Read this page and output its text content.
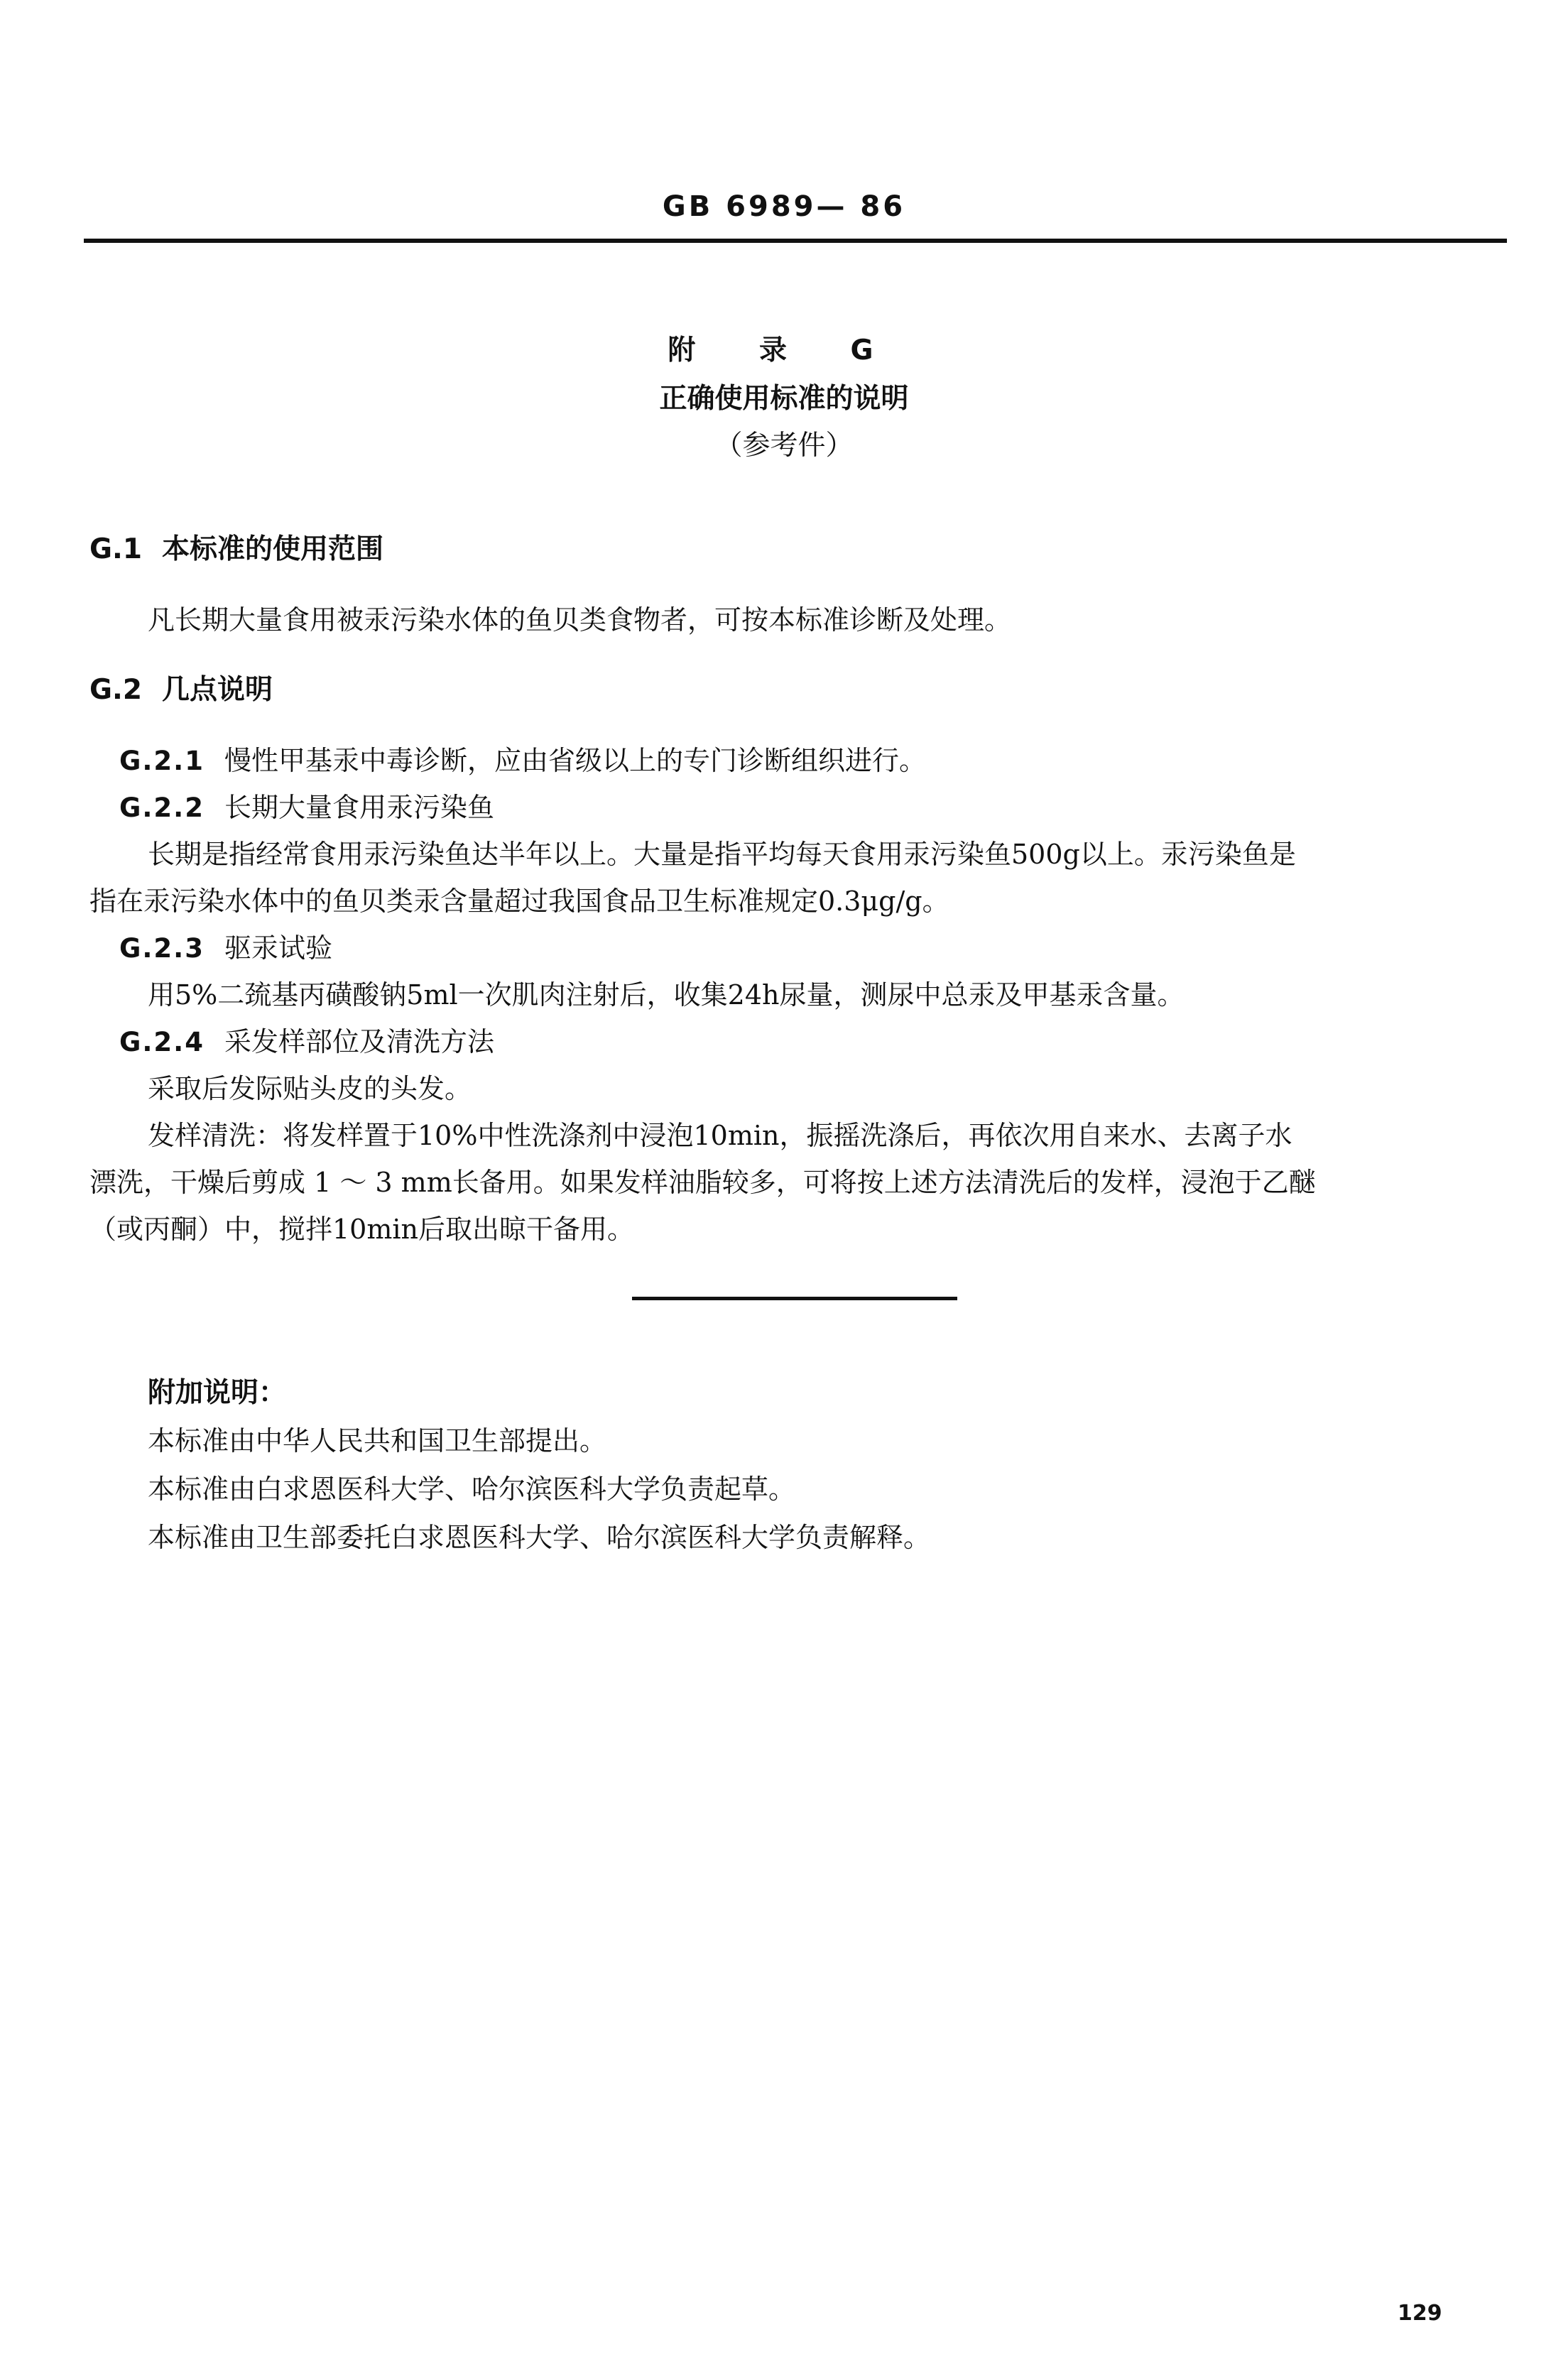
GB 6989— 86
附 录 G
正确使用标准的说明
（参考件）
G.1 本标准的使用范围
凡长期大量食用被汞污染水体的鱼贝类食物者，可按本标准诊断及处理。
G.2 几点说明
G.2.1 慢性甲基汞中毒诊断，应由省级以上的专门诊断组织进行。
G.2.2 长期大量食用汞污染鱼
长期是指经常食用汞污染鱼达半年以上。大量是指平均每天食用汞污染鱼500g以上。汞污染鱼是
指在汞污染水体中的鱼贝类汞含量超过我国食品卫生标准规定0.3μg/g。
G.2.3 驱汞试验
用5%二巯基丙磺酸钠5ml一次肌肉注射后，收集24h尿量，测尿中总汞及甲基汞含量。
G.2.4 采发样部位及清洗方法
采取后发际贴头皮的头发。
发样清洗：将发样置于10%中性洗涤剂中浸泡10min，振摇洗涤后，再依次用自来水、去离子水
漂洗，干燥后剪成 1 ～ 3 mm长备用。如果发样油脂较多，可将按上述方法清洗后的发样，浸泡于乙醚
（或丙酮）中，搅拌10min后取出晾干备用。
附加说明：
本标准由中华人民共和国卫生部提出。
本标准由白求恩医科大学、哈尔滨医科大学负责起草。
本标准由卫生部委托白求恩医科大学、哈尔滨医科大学负责解释。
129
